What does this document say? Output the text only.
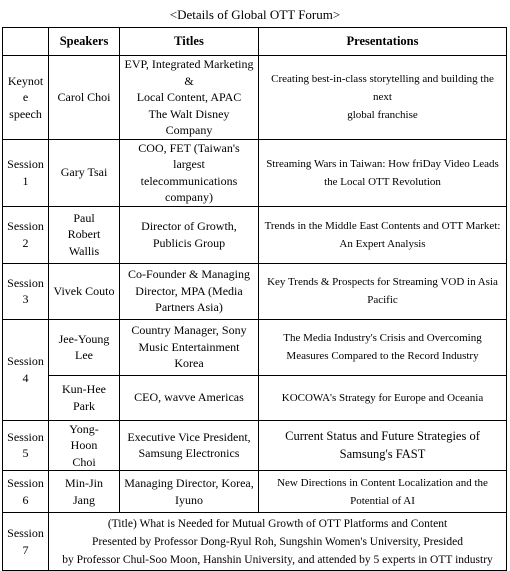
<Details of Global OTT Forum>
	Speakers	Titles	Presentations

Keynote
speech	Carol Choi	EVP, Integrated Marketing &
Local Content, APAC
The Walt Disney
Company	Creating best-in-class storytelling and building the next
global franchise

Session
1	Gary Tsai	COO, FET (Taiwan's largest
telecommunications
company)	Streaming Wars in Taiwan: How friDay Video Leads
the Local OTT Revolution

Session
2	Paul
Robert
Wallis	Director of Growth,
Publicis Group	Trends in the Middle East Contents and OTT Market:
An Expert Analysis

Session
3	Vivek Couto	Co-Founder & Managing
Director, MPA (Media
Partners Asia)	Key Trends & Prospects for Streaming VOD in Asia
Pacific

Session
4	Jee-Young
Lee	Country Manager, Sony
Music Entertainment
Korea	The Media Industry's Crisis and Overcoming
Measures Compared to the Record Industry

	Kun-Hee
Park	CEO, wavve Americas	KOCOWA's Strategy for Europe and Oceania

Session
5	Yong-
Hoon
Choi	Executive Vice President,
Samsung Electronics	Current Status and Future Strategies of
Samsung's FAST

Session
6	Min-Jin
Jang	Managing Director, Korea,
Iyuno	New Directions in Content Localization and the
Potential of AI

Session
7	(Title) What is Needed for Mutual Growth of OTT Platforms and Content
Presented by Professor Dong-Ryul Roh, Sungshin Women's University, Presided
by Professor Chul-Soo Moon, Hanshin University, and attended by 5 experts in OTT industry		
